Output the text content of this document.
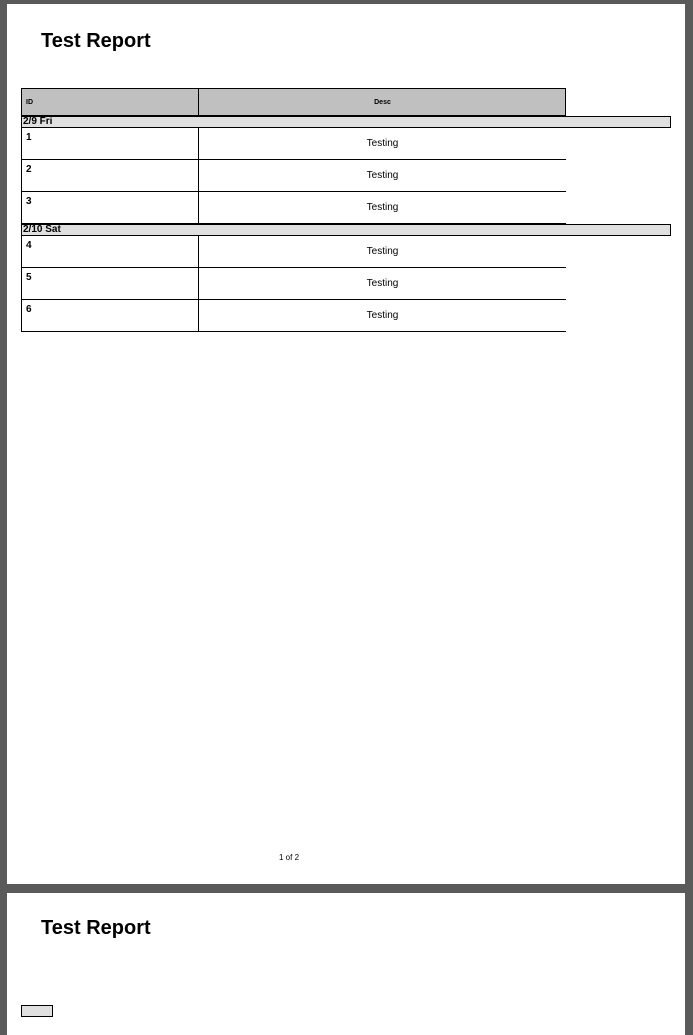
Test Report
ID	Desc
2/9 Fri
1
Testing
2
Testing
3
Testing
2/10 Sat
4
Testing
5
Testing
6
Testing
1 of 2
Test Report
